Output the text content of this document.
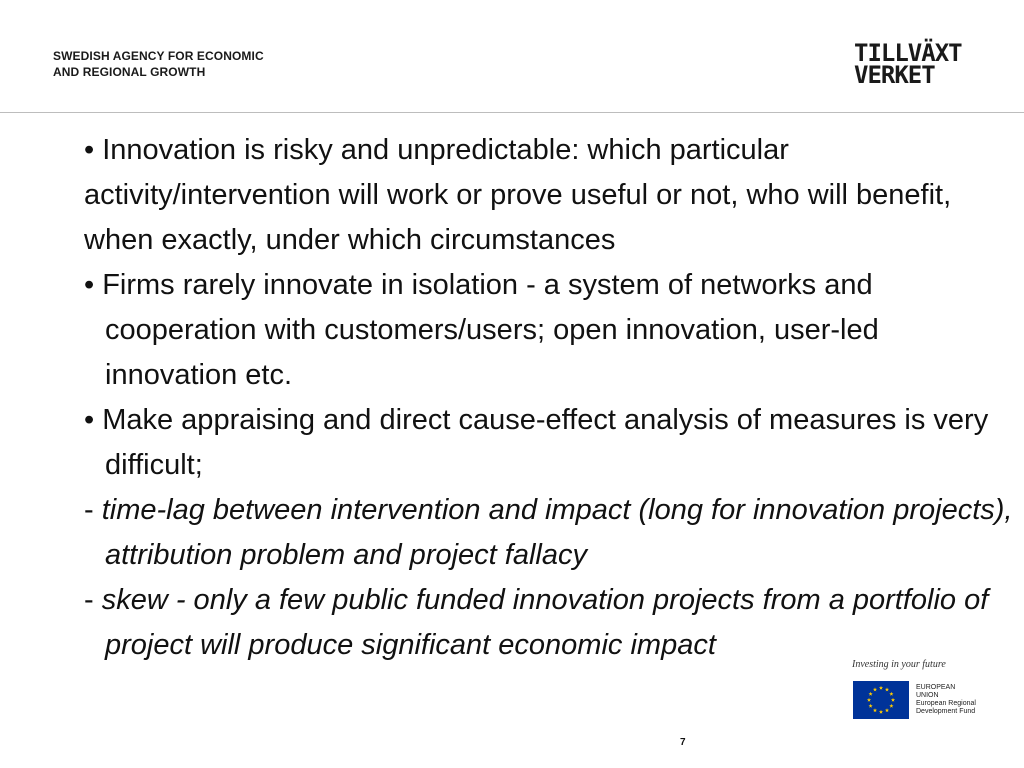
SWEDISH AGENCY FOR ECONOMIC
AND REGIONAL GROWTH
TILLVÄXT
VERKET

• Innovation is risky and unpredictable: which particular activity/intervention will work or prove useful or not, who will benefit, when exactly, under which circumstances

• Firms rarely innovate in isolation - a system of networks and cooperation with customers/users; open innovation, user-led innovation etc.

• Make appraising and direct cause-effect analysis of measures is very difficult;

- time-lag between intervention and impact (long for innovation projects), attribution problem and project fallacy

- skew - only a few public funded innovation projects from a portfolio of project will produce significant economic impact

Investing in your future
EUROPEAN
UNION
European Regional
Development Fund
7
